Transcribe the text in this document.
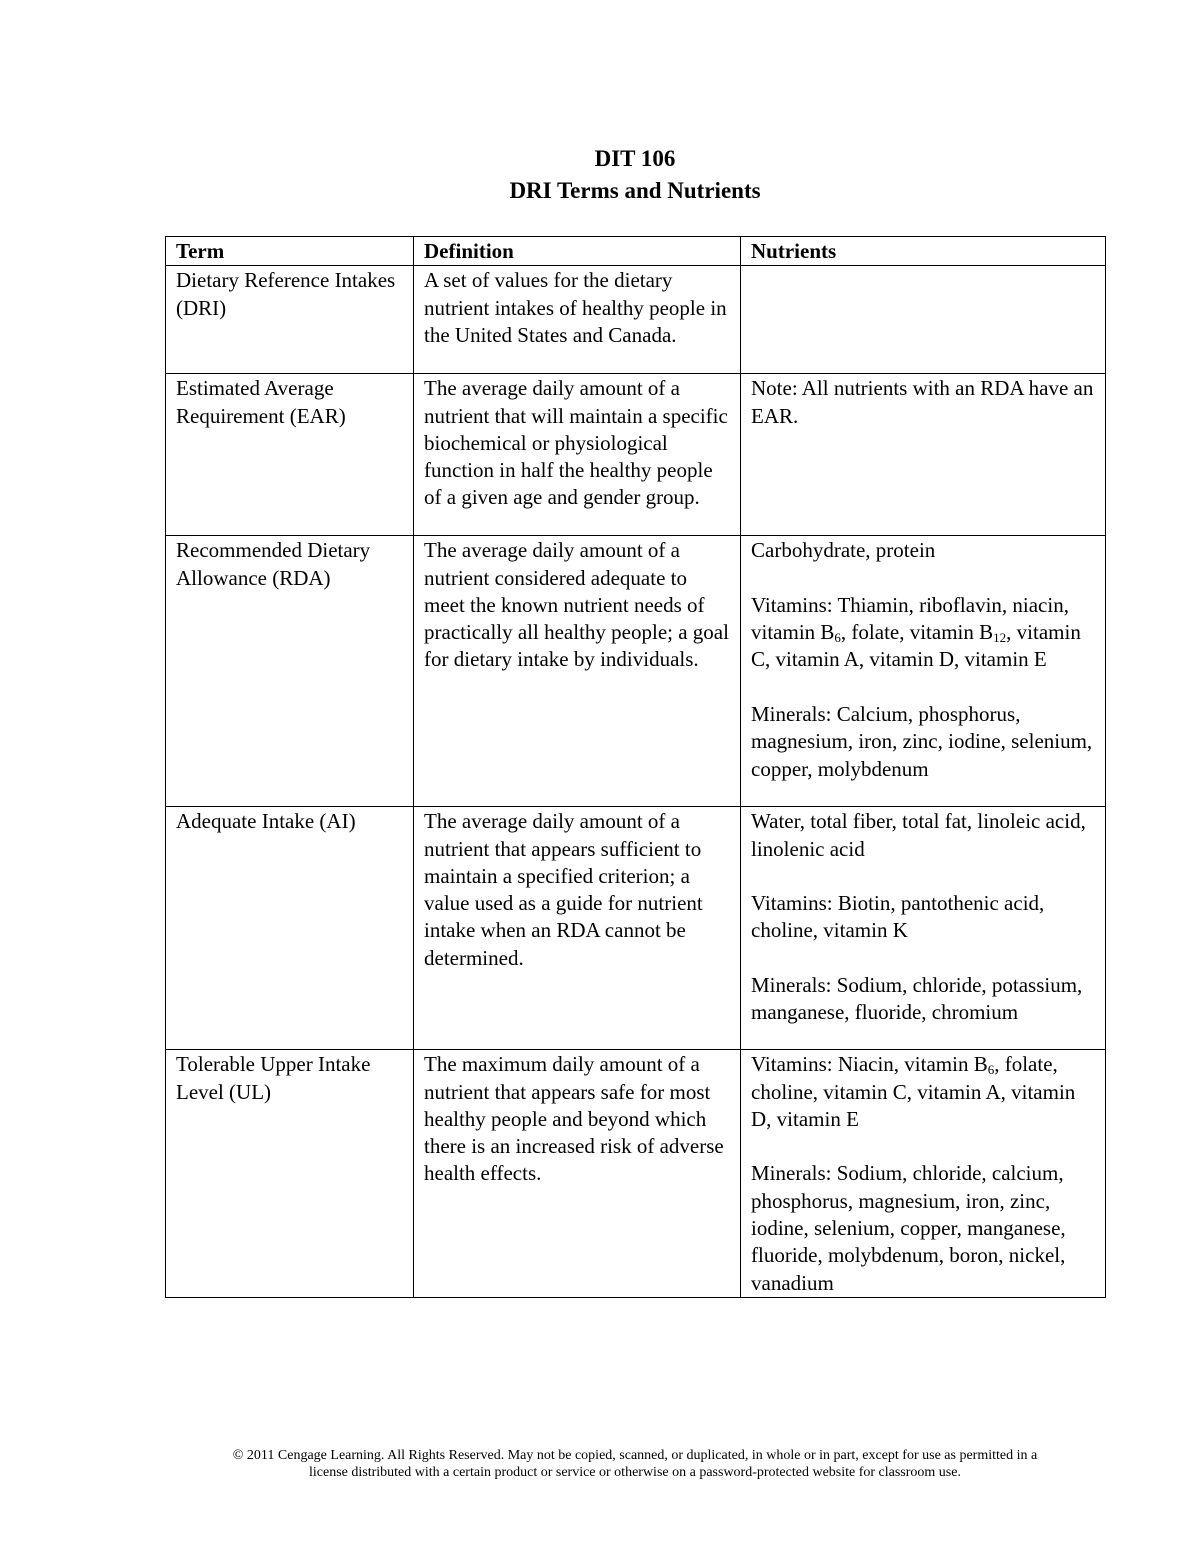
DIT 106
DRI Terms and Nutrients
Term	Definition	Nutrients
Dietary Reference Intakes (DRI)	A set of values for the dietary nutrient intakes of healthy people in the United States and Canada.	
Estimated Average Requirement (EAR)	The average daily amount of a nutrient that will maintain a specific biochemical or physiological function in half the healthy people of a given age and gender group.	Note: All nutrients with an RDA have an EAR.

Recommended Dietary Allowance (RDA)	The average daily amount of a nutrient considered adequate to meet the known nutrient needs of practically all healthy people; a goal for dietary intake by individuals.	Carbohydrate, protein
Vitamins: Thiamin, riboflavin, niacin, vitamin $B_6$, folate, vitamin $B_{12}$, vitamin C, vitamin A, vitamin D, vitamin E
Minerals: Calcium, phosphorus, magnesium, iron, zinc, iodine, selenium, copper, molybdenum

Adequate Intake (AI)	The average daily amount of a nutrient that appears sufficient to maintain a specified criterion; a value used as a guide for nutrient intake when an RDA cannot be determined.	Water, total fiber, total fat, linoleic acid, linolenic acid
Vitamins: Biotin, pantothenic acid, choline, vitamin K
Minerals: Sodium, chloride, potassium, manganese, fluoride, chromium

Tolerable Upper Intake Level (UL)	The maximum daily amount of a nutrient that appears safe for most healthy people and beyond which there is an increased risk of adverse health effects.	Vitamins: Niacin, vitamin $B_6$, folate, choline, vitamin C, vitamin A, vitamin D, vitamin E
Minerals: Sodium, chloride, calcium, phosphorus, magnesium, iron, zinc, iodine, selenium, copper, manganese, fluoride, molybdenum, boron, nickel, vanadium
© 2011 Cengage Learning. All Rights Reserved. May not be copied, scanned, or duplicated, in whole or in part, except for use as permitted in a
license distributed with a certain product or service or otherwise on a password-protected website for classroom use.
